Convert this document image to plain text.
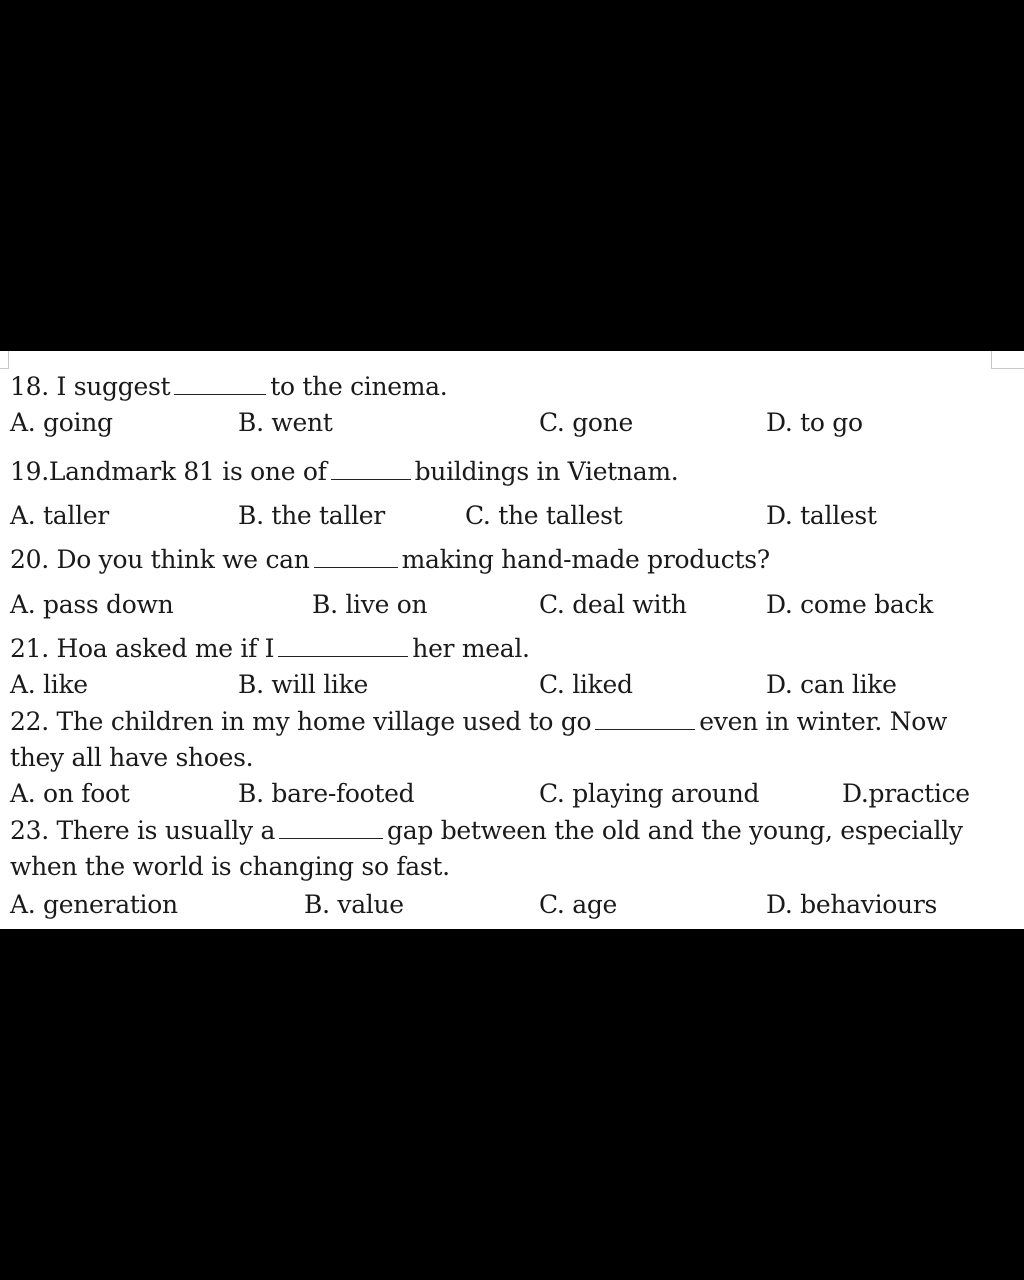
18. I suggest	to the cinema.
A. going	B. went	C. gone	D. to go
19.Landmark 81 is one of	buildings in Vietnam.
A. taller	B. the taller	C. the tallest	D. tallest
20. Do you think we can	making hand-made products?
A. pass down	B. live on	C. deal with	D. come back
21. Hoa asked me if I	her meal.
A. like	B. will like	C. liked	D. can like
22. The children in my home village used to go	even in winter. Now
they all have shoes.
A. on foot	B. bare-footed	C. playing around	D.practice
23. There is usually a	gap between the old and the young, especially
when the world is changing so fast.
A. generation	B. value	C. age	D. behaviours
